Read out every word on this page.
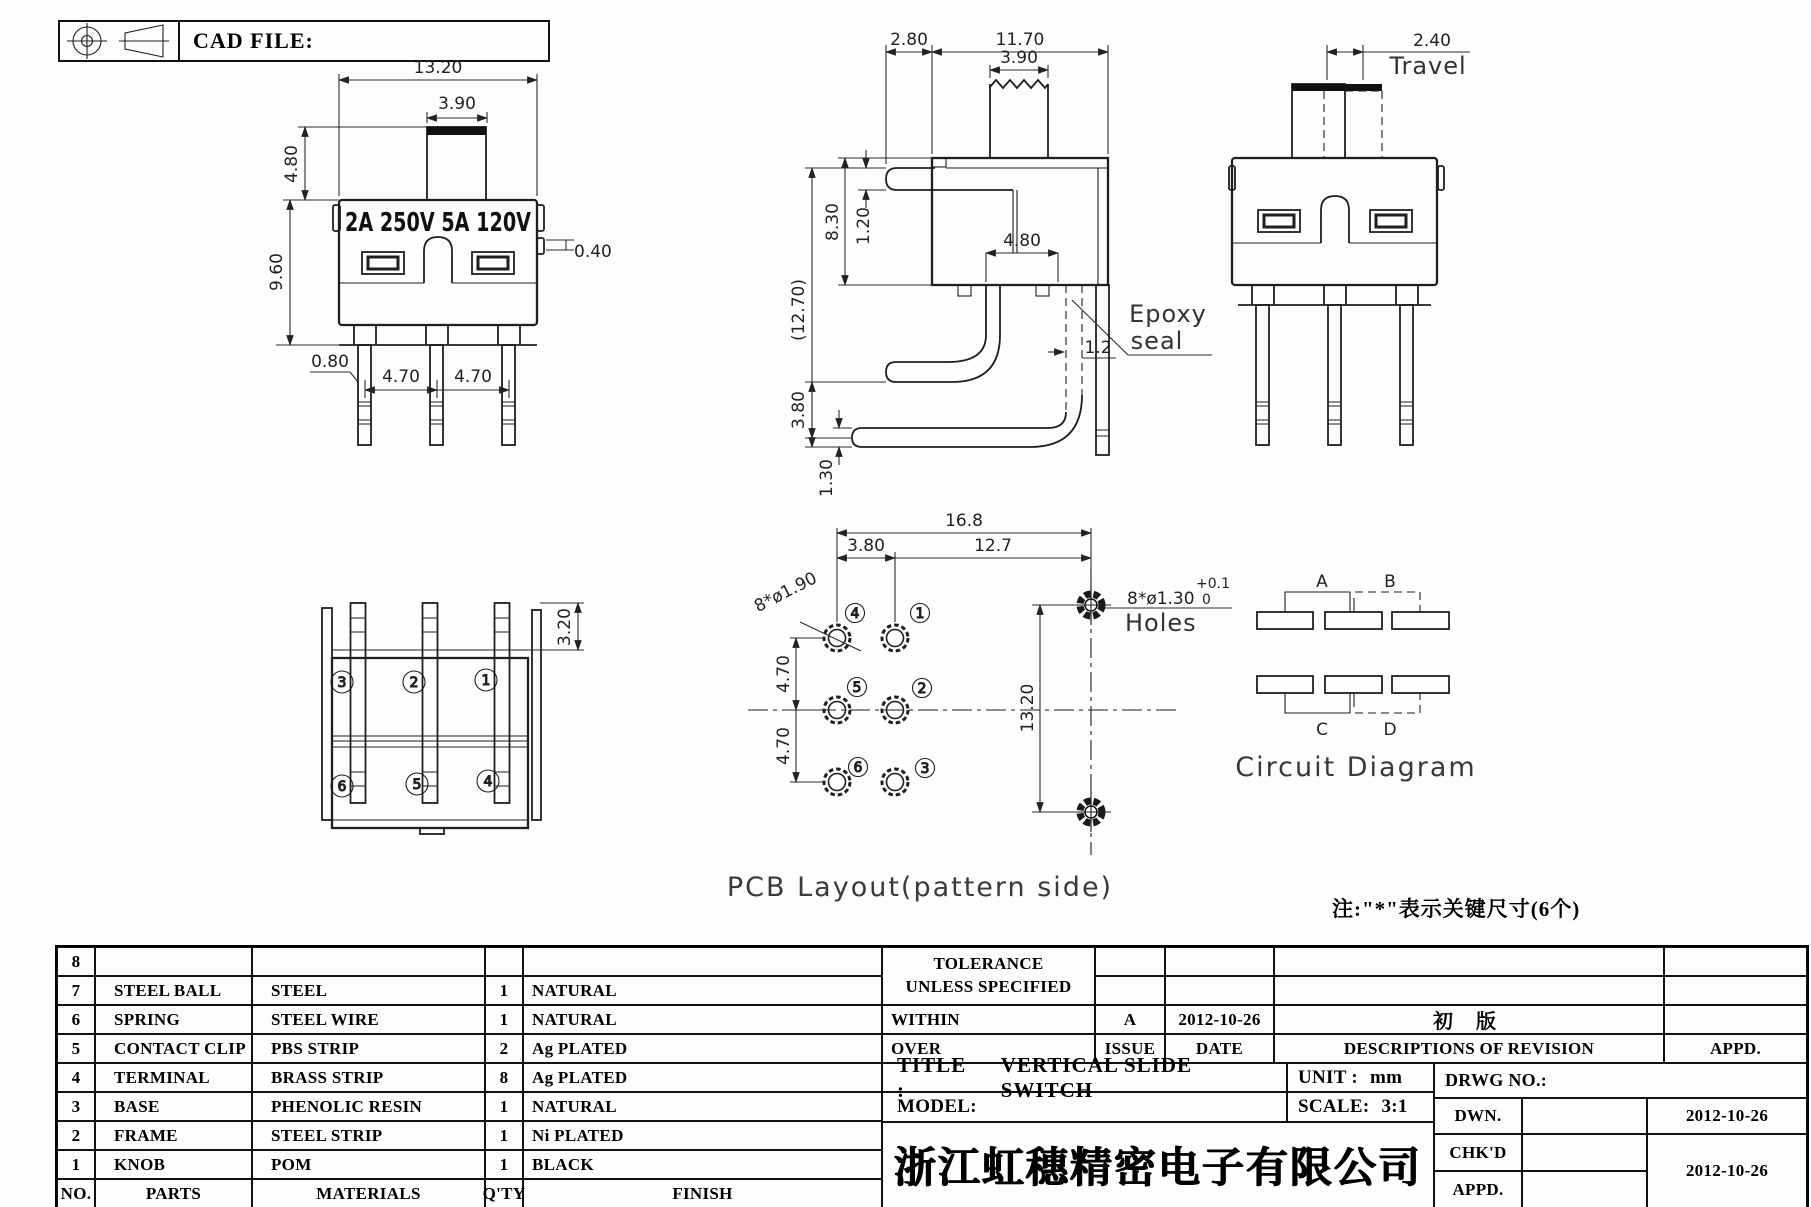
CAD FILE:
2A 250V 5A 120V
13.20
3.90
4.80
9.60
0.40
0.80
4.70 4.70
2.80	11.70
3.90
1.20
8.30
(12.70)
4.80
1.2
Epoxy
seal
3.80
1.30
2.40
Travel
3.20
3	2	1
6	5	4
4	1
5	2
6	3
16.8
3.80	12.7
4.70
4.70
13.20
8*ø1.90	8*ø1.30
+0.1
0
Holes
PCB Layout(pattern side)
A	B
C	D
Circuit Diagram
注:"*"表示关键尺寸(6个)
8
7	STEEL BALL	STEEL	1	NATURAL
6	SPRING	STEEL WIRE	1	NATURAL
5	CONTACT CLIP	PBS STRIP	2	Ag PLATED
4	TERMINAL	BRASS STRIP	8	Ag PLATED
3	BASE	PHENOLIC RESIN	1	NATURAL
2	FRAME	STEEL STRIP	1	Ni PLATED
1	KNOB	POM	1	BLACK
NO.	PARTS	MATERIALS	Q'TY	FINISH
TOLERANCE
UNLESS SPECIFIED
WITHIN
OVER
A	2012-10-26	初 版
ISSUE	DATE	DESCRIPTIONS OF REVISION	APPD.
TITLE :
VERTICAL SLIDE SWITCH
UNIT : mm	DRWG NO.:
MODEL:	SCALE: 3:1
浙江虹穗精密电子有限公司
DWN.	2012-10-26
CHK'D
APPD.
2012-10-26
